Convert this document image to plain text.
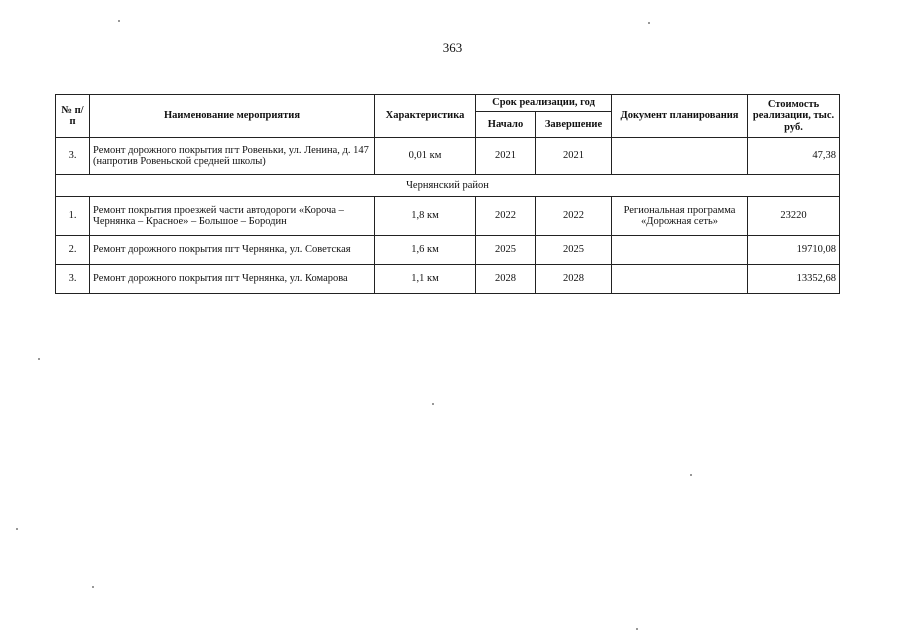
363
№ п/п	Наименование мероприятия	Характеристика	Срок реализации, год		Документ планирования	Стоимость реализации, тыс. руб.
			Начало	Завершение		
3.	Ремонт дорожного покрытия пгт Ровеньки, ул. Ленина, д. 147 (напротив Ровеньской средней школы)	0,01 км	2021	2021		47,38
Чернянский район						
1.	Ремонт покрытия проезжей части автодороги «Короча – Чернянка – Красное» – Большое – Бородин	1,8 км	2022	2022	Региональная программа «Дорожная сеть»	23220
2.	Ремонт дорожного покрытия пгт Чернянка, ул. Советская	1,6 км	2025	2025		19710,08
3.	Ремонт дорожного покрытия пгт Чернянка, ул. Комарова	1,1 км	2028	2028		13352,68
